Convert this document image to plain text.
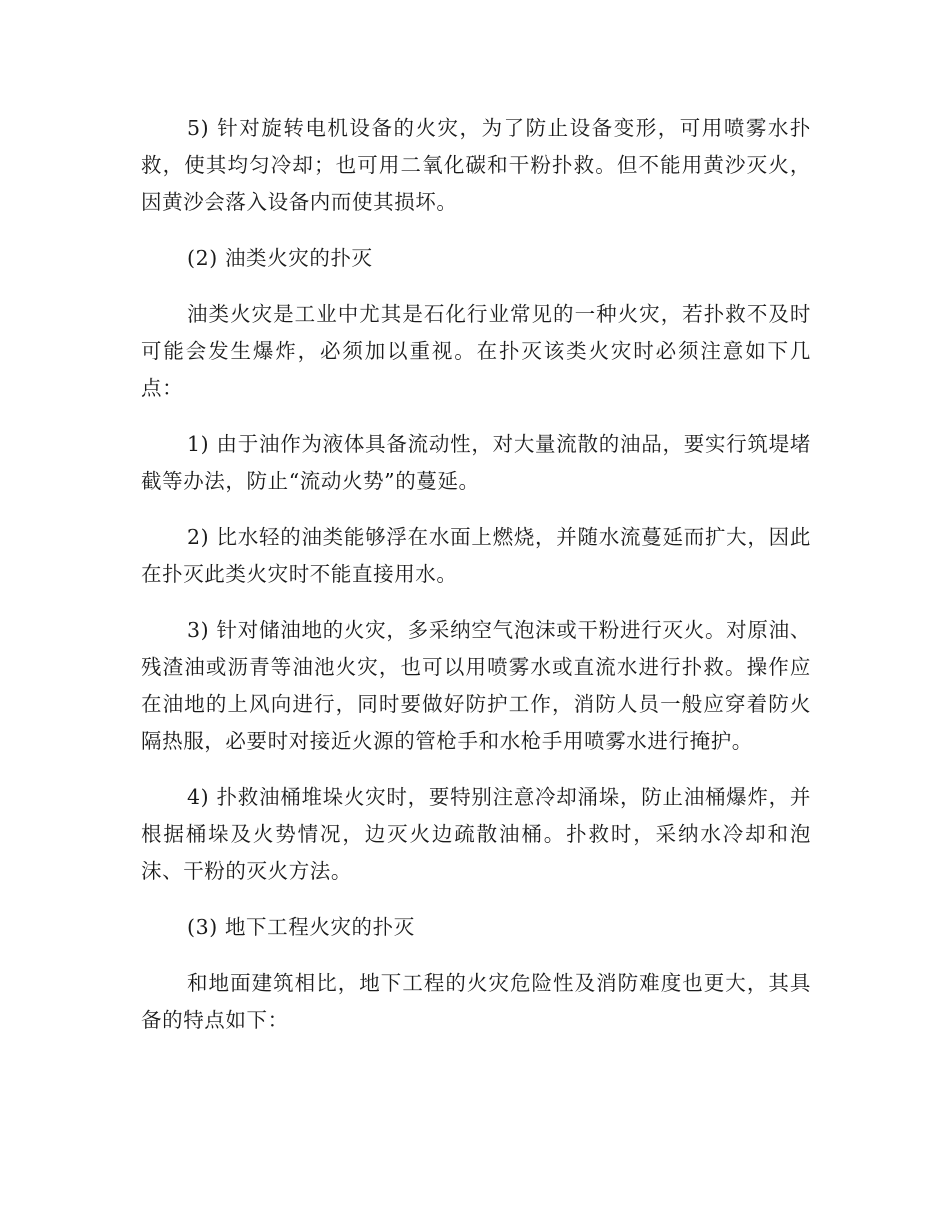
5) 针对旋转电机设备的火灾，为了防止设备变形，可用喷雾水扑救，使其均匀冷却；也可用二氧化碳和干粉扑救。但不能用黄沙灭火，因黄沙会落入设备内而使其损坏。

(2) 油类火灾的扑灭

油类火灾是工业中尤其是石化行业常见的一种火灾，若扑救不及时可能会发生爆炸，必须加以重视。在扑灭该类火灾时必须注意如下几点：

1) 由于油作为液体具备流动性，对大量流散的油品，要实行筑堤堵截等办法，防止“流动火势”的蔓延。

2) 比水轻的油类能够浮在水面上燃烧，并随水流蔓延而扩大，因此在扑灭此类火灾时不能直接用水。

3) 针对储油地的火灾，多采纳空气泡沫或干粉进行灭火。对原油、残渣油或沥青等油池火灾，也可以用喷雾水或直流水进行扑救。操作应在油地的上风向进行，同时要做好防护工作，消防人员一般应穿着防火隔热服，必要时对接近火源的管枪手和水枪手用喷雾水进行掩护。

4) 扑救油桶堆垛火灾时，要特别注意冷却涌垛，防止油桶爆炸，并根据桶垛及火势情况，边灭火边疏散油桶。扑救时，采纳水冷却和泡沫、干粉的灭火方法。

(3) 地下工程火灾的扑灭

和地面建筑相比，地下工程的火灾危险性及消防难度也更大，其具备的特点如下：
